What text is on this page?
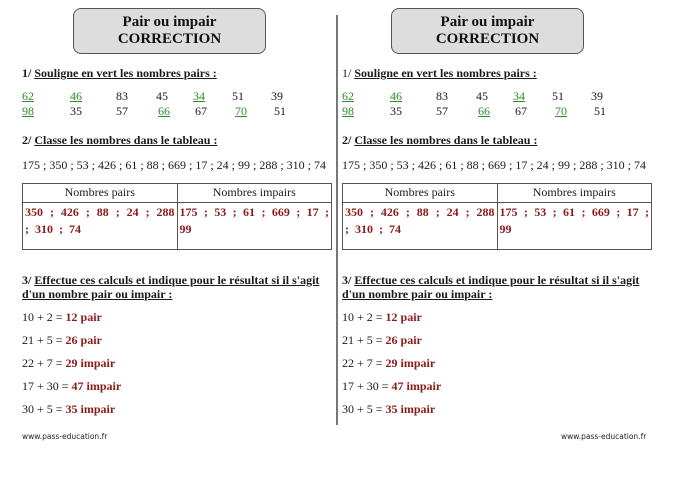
Pair ou impair
CORRECTION
1/ Souligne en vert les nombres pairs :
62	46	83 45 34 51 39
98	35	57	66 67 70 51
2/ Classe les nombres dans le tableau :
175 ; 350 ; 53 ; 426 ; 61 ; 88 ; 669 ; 17 ; 24 ; 99 ; 288 ; 310 ; 74
Nombres pairs	Nombres impairs
350 ; 426 ; 88 ; 24 ; 288 ; 310 ; 74	175 ; 53 ; 61 ; 669 ; 17 ; 99
3/ Effectue ces calculs et indique pour le résultat si il s'agit d'un nombre pair ou impair :
10 + 2 = 12 pair
21 + 5 = 26 pair
22 + 7 = 29 impair
17 + 30 = 47 impair
30 + 5 = 35 impair
www.pass-education.fr
Pair ou impair
CORRECTION
1/ Souligne en vert les nombres pairs :
62	46	83 45 34 51 39
98	35	57	66 67 70 51
2/ Classe les nombres dans le tableau :
175 ; 350 ; 53 ; 426 ; 61 ; 88 ; 669 ; 17 ; 24 ; 99 ; 288 ; 310 ; 74
Nombres pairs	Nombres impairs
350 ; 426 ; 88 ; 24 ; 288 ; 310 ; 74	175 ; 53 ; 61 ; 669 ; 17 ; 99
3/ Effectue ces calculs et indique pour le résultat si il s'agit d'un nombre pair ou impair :
10 + 2 = 12 pair
21 + 5 = 26 pair
22 + 7 = 29 impair
17 + 30 = 47 impair
30 + 5 = 35 impair
www.pass-education.fr
